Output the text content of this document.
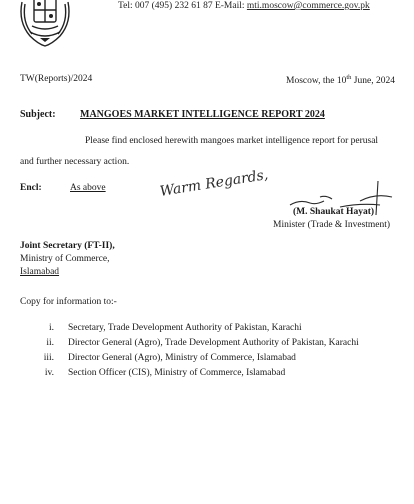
Tel: 007 (495) 232 61 87 E-Mail: mti.moscow@commerce.gov.pk
TW(Reports)/2024	Moscow, the 10th June, 2024
Subject: MANGOES MARKET INTELLIGENCE REPORT 2024
Please find enclosed herewith mangoes market intelligence report for perusal
and further necessary action.
Encl:	As above	Warm Regards,
(M. Shaukat Hayat)
Minister (Trade & Investment)
Joint Secretary (FT-II),
Ministry of Commerce,
Islamabad
Copy for information to:-
i. Secretary, Trade Development Authority of Pakistan, Karachi
ii. Director General (Agro), Trade Development Authority of Pakistan, Karachi
iii. Director General (Agro), Ministry of Commerce, Islamabad
iv. Section Officer (CIS), Ministry of Commerce, Islamabad
